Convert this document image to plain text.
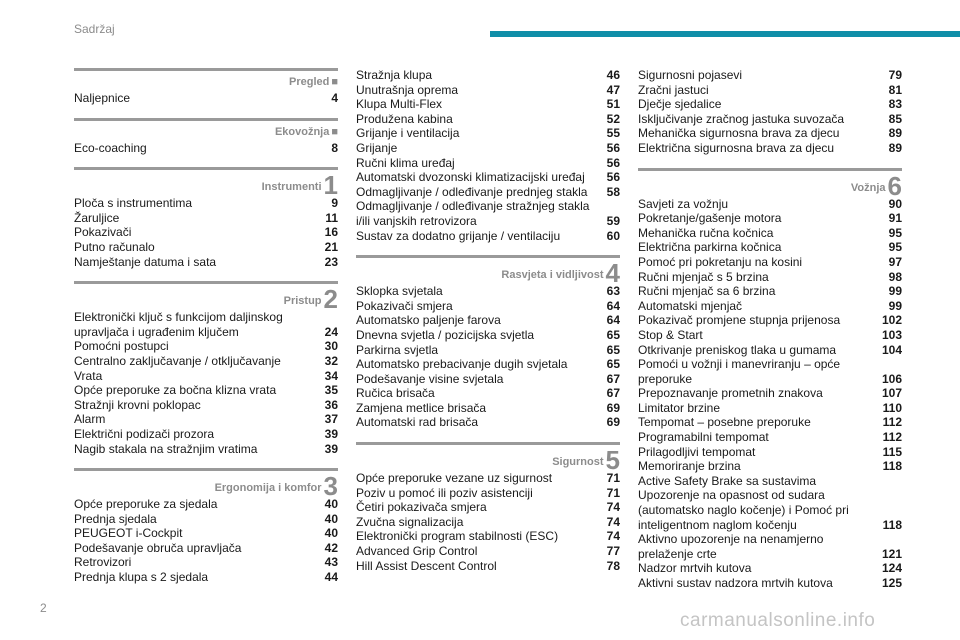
Sadržaj
Pregled ■
Naljepnice	4
Ekovožnja ■
Eco-coaching	8
Instrumenti 1
Ploča s instrumentima	9
Žaruljice	11
Pokazivači	16
Putno računalo	21
Namještanje datuma i sata	23
Pristup 2
Elektronički ključ s funkcijom daljinskog upravljača i ugrađenim ključem	24
Pomoćni postupci	30
Centralno zaključavanje / otključavanje	32
Vrata	34
Opće preporuke za bočna klizna vrata	35
Stražnji krovni poklopac	36
Alarm	37
Električni podizači prozora	39
Nagib stakala na stražnjim vratima	39
Ergonomija i komfor 3
Opće preporuke za sjedala	40
Prednja sjedala	40
PEUGEOT i-Cockpit	40
Podešavanje obruča upravljača	42
Retrovizori	43
Prednja klupa s 2 sjedala	44
Stražnja klupa	46
Unutrašnja oprema	47
Klupa Multi-Flex	51
Produžena kabina	52
Grijanje i ventilacija	55
Grijanje	56
Ručni klima uređaj	56
Automatski dvozonski klimatizacijski uređaj	56
Odmagljivanje / odleđivanje prednjeg stakla	58
Odmagljivanje / odleđivanje stražnjeg stakla i/ili vanjskih retrovizora	59
Sustav za dodatno grijanje / ventilaciju	60
Rasvjeta i vidljivost 4
Sklopka svjetala	63
Pokazivači smjera	64
Automatsko paljenje farova	64
Dnevna svjetla / pozicijska svjetla	65
Parkirna svjetla	65
Automatsko prebacivanje dugih svjetala	65
Podešavanje visine svjetala	67
Ručica brisača	67
Zamjena metlice brisača	69
Automatski rad brisača	69
Sigurnost 5
Opće preporuke vezane uz sigurnost	71
Poziv u pomoć ili poziv asistenciji	71
Četiri pokazivača smjera	74
Zvučna signalizacija	74
Elektronički program stabilnosti (ESC)	74
Advanced Grip Control	77
Hill Assist Descent Control	78
Sigurnosni pojasevi	79
Zračni jastuci	81
Dječje sjedalice	83
Isključivanje zračnog jastuka suvozača	85
Mehanička sigurnosna brava za djecu	89
Električna sigurnosna brava za djecu	89
Vožnja 6
Savjeti za vožnju	90
Pokretanje/gašenje motora	91
Mehanička ručna kočnica	95
Električna parkirna kočnica	95
Pomoć pri pokretanju na kosini	97
Ručni mjenjač s 5 brzina	98
Ručni mjenjač sa 6 brzina	99
Automatski mjenjač	99
Pokazivač promjene stupnja prijenosa	102
Stop & Start	103
Otkrivanje preniskog tlaka u gumama	104
Pomoći u vožnji i manevriranju – opće preporuke	106
Prepoznavanje prometnih znakova	107
Limitator brzine	110
Tempomat – posebne preporuke	112
Programabilni tempomat	112
Prilagodljivi tempomat	115
Memoriranje brzina	118
Active Safety Brake sa sustavima Upozorenje na opasnost od sudara (automatsko naglo kočenje) i Pomoć pri inteligentnom naglom kočenju	118
Aktivno upozorenje na nenamjerno prelaženje crte	121
Nadzor mrtvih kutova	124
Aktivni sustav nadzora mrtvih kutova	125
2
carmanualsonline.info
